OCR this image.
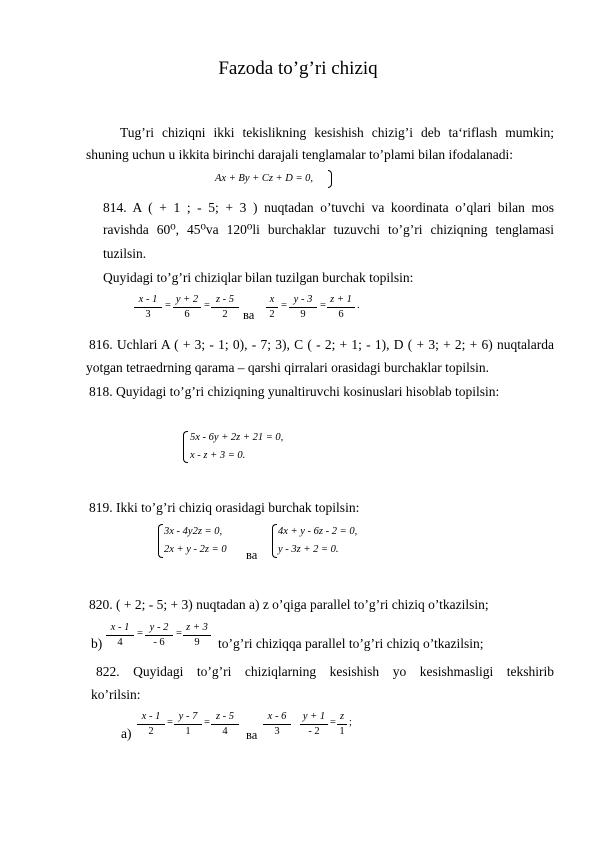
Fazoda to’g’ri chiziq
Tug’ri chiziqni ikki tekislikning kesishish chizig’i deb ta‘riflash mumkin;
shuning uchun u ikkita birinchi darajali tenglamalar to’plami bilan ifodalanadi:
Ax + By + Cz + D = 0,
814. A ( + 1 ; - 5; + 3 ) nuqtadan o’tuvchi va koordinata o’qlari bilan mos
ravishda 60⁰, 45⁰va 120⁰li burchaklar tuzuvchi to’g’ri chiziqning tenglamasi
tuzilsin.
Quyidagi to’g’ri chiziqlar bilan tuzilgan burchak topilsin:
$\frac{x - 1}{3} = \frac{y + 2}{6} = \frac{z - 5}{2}$ ва $\frac{x}{2} = \frac{y - 3}{9} = \frac{z + 1}{6}$ .
816. Uchlari A ( + 3; - 1; 0), - 7; 3), C ( - 2; + 1; - 1), D ( + 3; + 2; + 6) nuqtalarda
yotgan tetraedrning qarama – qarshi qirralari orasidagi burchaklar topilsin.
818. Quyidagi to’g’ri chiziqning yunaltiruvchi kosinuslari hisoblab topilsin:
5x - 6y + 2z + 21 = 0,
x - z + 3 = 0.
819. Ikki to’g’ri chiziq orasidagi burchak topilsin:
3x - 4y2z = 0,
2x + y - 2z = 0 ва
4x + y - 6z - 2 = 0,
y - 3z + 2 = 0.
820. ( + 2; - 5; + 3) nuqtadan a) z o’qiga parallel to’g’ri chiziq o’tkazilsin;
$b) \frac{x - 1}{4} = \frac{y - 2}{- 6} = \frac{z + 3}{9}$ to’g’ri chiziqqa parallel to’g’ri chiziq o’tkazilsin;
822. Quyidagi to’g’ri chiziqlarning kesishish yo kesishmasligi tekshirib
ko’rilsin:
$a) \frac{x - 1}{2} = \frac{y - 7}{1} = \frac{z - 5}{4}$ ва $\frac{x - 6}{3} \frac{y + 1}{- 2} = \frac{z}{1}$ ;
